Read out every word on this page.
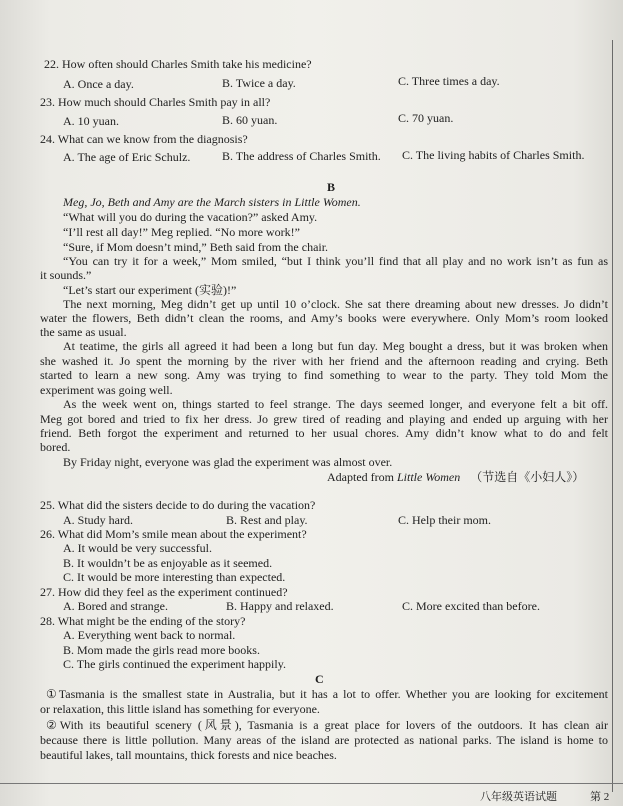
22. How often should Charles Smith take his medicine?
A. Once a day.	B. Twice a day.	C. Three times a day.
23. How much should Charles Smith pay in all?
A. 10 yuan.	B. 60 yuan.	C. 70 yuan.
24. What can we know from the diagnosis?
A. The age of Eric Schulz.	B. The address of Charles Smith. C. The living habits of Charles Smith.
B
Meg, Jo, Beth and Amy are the March sisters in Little Women.
“What will you do during the vacation?” asked Amy.
“I’ll rest all day!” Meg replied. “No more work!”
“Sure, if Mom doesn’t mind,” Beth said from the chair.
“You can try it for a week,” Mom smiled, “but I think you’ll find that all play and no work isn’t as fun as
it sounds.”
“Let’s start our experiment (实验)!”
The next morning, Meg didn’t get up until 10 o’clock. She sat there dreaming about new dresses. Jo didn’t
water the flowers, Beth didn’t clean the rooms, and Amy’s books were everywhere. Only Mom’s room looked
the same as usual.
At teatime, the girls all agreed it had been a long but fun day. Meg bought a dress, but it was broken when
she washed it. Jo spent the morning by the river with her friend and the afternoon reading and crying. Beth
started to learn a new song. Amy was trying to find something to wear to the party. They told Mom the
experiment was going well.
As the week went on, things started to feel strange. The days seemed longer, and everyone felt a bit off.
Meg got bored and tried to fix her dress. Jo grew tired of reading and playing and ended up arguing with her
friend. Beth forgot the experiment and returned to her usual chores. Amy didn’t know what to do and felt
bored.
By Friday night, everyone was glad the experiment was almost over.
Adapted from Little Women （节选自《小妇人》）
25. What did the sisters decide to do during the vacation?
A. Study hard.	B. Rest and play.	C. Help their mom.
26. What did Mom’s smile mean about the experiment?
A. It would be very successful.
B. It wouldn’t be as enjoyable as it seemed.
C. It would be more interesting than expected.
27. How did they feel as the experiment continued?
A. Bored and strange.	B. Happy and relaxed.	C. More excited than before.
28. What might be the ending of the story?
A. Everything went back to normal.
B. Mom made the girls read more books.
C. The girls continued the experiment happily.
C
①Tasmania is the smallest state in Australia, but it has a lot to offer. Whether you are looking for excitement
or relaxation, this little island has something for everyone.
②With its beautiful scenery (风景), Tasmania is a great place for lovers of the outdoors. It has clean air
because there is little pollution. Many areas of the island are protected as national parks. The island is home to
beautiful lakes, tall mountains, thick forests and nice beaches.
八年级英语试题	第 2
